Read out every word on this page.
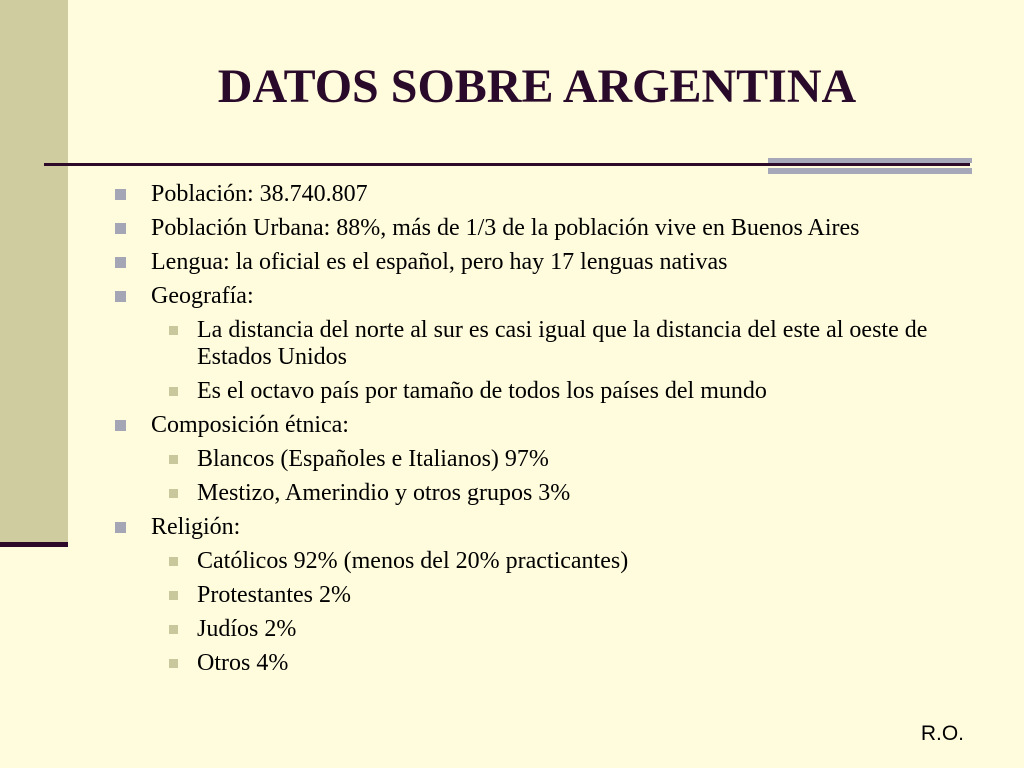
DATOS SOBRE ARGENTINA
Población: 38.740.807
Población Urbana: 88%, más de 1/3 de la población vive en Buenos Aires
Lengua: la oficial es el español, pero hay 17 lenguas nativas
Geografía:
La distancia del norte al sur es casi igual que la distancia del este al oeste de Estados Unidos
Es el octavo país por tamaño de todos los países del mundo
Composición étnica:
Blancos (Españoles e Italianos) 97%
Mestizo, Amerindio y otros grupos 3%
Religión:
Católicos 92% (menos del 20% practicantes)
Protestantes 2%
Judíos 2%
Otros 4%
R.O.
